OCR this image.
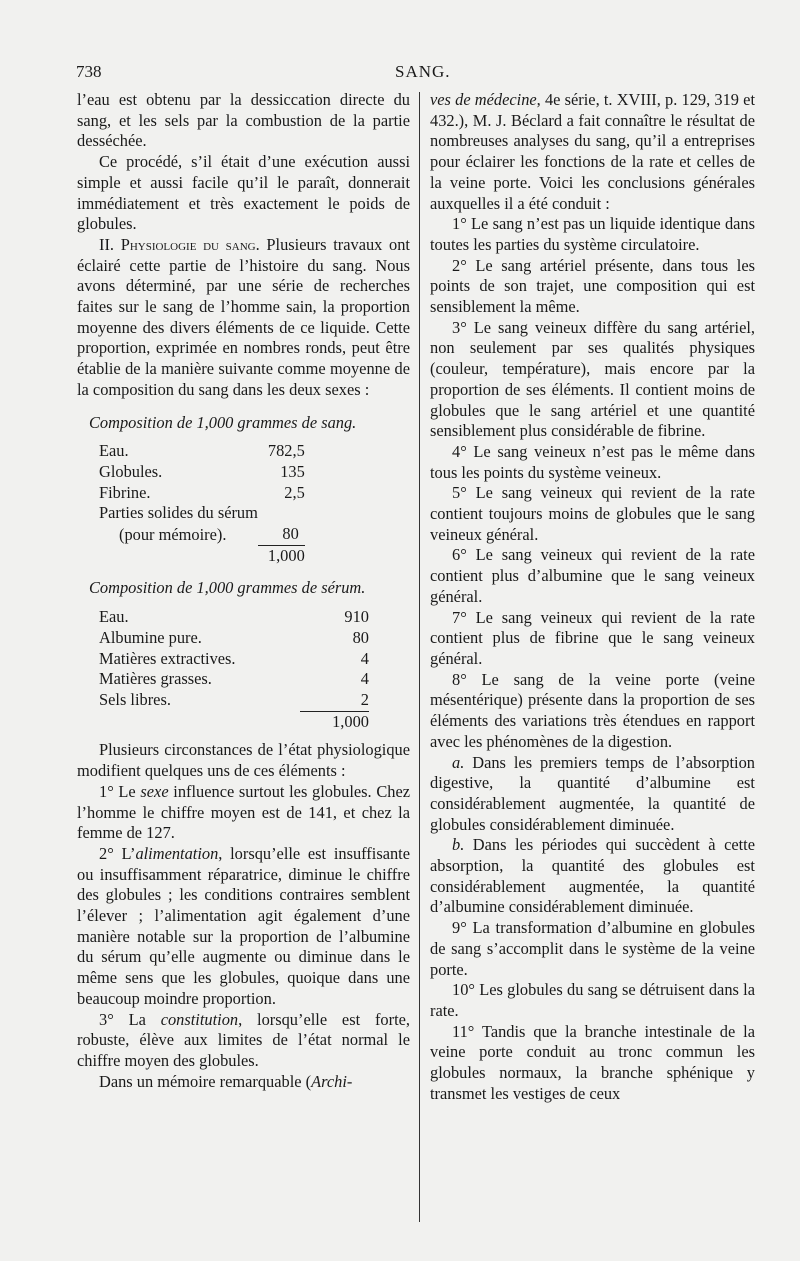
738	SANG.

l’eau est obtenu par la dessiccation directe du sang, et les sels par la combustion de la partie desséchée.

Ce procédé, s’il était d’une exécution aussi simple et aussi facile qu’il le paraît, donnerait immédiatement et très exactement le poids de globules.

II. Physiologie du sang. Plusieurs travaux ont éclairé cette partie de l’histoire du sang. Nous avons déterminé, par une série de recherches faites sur le sang de l’homme sain, la proportion moyenne des divers éléments de ce liquide. Cette proportion, exprimée en nombres ronds, peut être établie de la manière suivante comme moyenne de la composition du sang dans les deux sexes :

Composition de 1,000 grammes de sang.
Eau.	782,5
Globules.	135
Fibrine.	2,5
Parties solides du sérum	
(pour mémoire).	80
	1,000
Composition de 1,000 grammes de sérum.
Eau.	910
Albumine pure.	80
Matières extractives.	4
Matières grasses.	4
Sels libres.	2
	1,000

Plusieurs circonstances de l’état physiologique modifient quelques uns de ces éléments :

1° Le sexe influence surtout les globules. Chez l’homme le chiffre moyen est de 141, et chez la femme de 127.

2° L’alimentation, lorsqu’elle est insuffisante ou insuffisamment réparatrice, diminue le chiffre des globules ; les conditions contraires semblent l’élever ; l’alimentation agit également d’une manière notable sur la proportion de l’albumine du sérum qu’elle augmente ou diminue dans le même sens que les globules, quoique dans une beaucoup moindre proportion.

3° La constitution, lorsqu’elle est forte, robuste, élève aux limites de l’état normal le chiffre moyen des globules.

Dans un mémoire remarquable (Archi-

ves de médecine, 4e série, t. XVIII, p. 129, 319 et 432.), M. J. Béclard a fait connaître le résultat de nombreuses analyses du sang, qu’il a entreprises pour éclairer les fonctions de la rate et celles de la veine porte. Voici les conclusions générales auxquelles il a été conduit :

1° Le sang n’est pas un liquide identique dans toutes les parties du système circulatoire.

2° Le sang artériel présente, dans tous les points de son trajet, une composition qui est sensiblement la même.

3° Le sang veineux diffère du sang artériel, non seulement par ses qualités physiques (couleur, température), mais encore par la proportion de ses éléments. Il contient moins de globules que le sang artériel et une quantité sensiblement plus considérable de fibrine.

4° Le sang veineux n’est pas le même dans tous les points du système veineux.

5° Le sang veineux qui revient de la rate contient toujours moins de globules que le sang veineux général.

6° Le sang veineux qui revient de la rate contient plus d’albumine que le sang veineux général.

7° Le sang veineux qui revient de la rate contient plus de fibrine que le sang veineux général.

8° Le sang de la veine porte (veine mésentérique) présente dans la proportion de ses éléments des variations très étendues en rapport avec les phénomènes de la digestion.

a. Dans les premiers temps de l’absorption digestive, la quantité d’albumine est considérablement augmentée, la quantité de globules considérablement diminuée.

b. Dans les périodes qui succèdent à cette absorption, la quantité des globules est considérablement augmentée, la quantité d’albumine considérablement diminuée.

9° La transformation d’albumine en globules de sang s’accomplit dans le système de la veine porte.

10° Les globules du sang se détruisent dans la rate.

11° Tandis que la branche intestinale de la veine porte conduit au tronc commun les globules normaux, la branche sphénique y transmet les vestiges de ceux
